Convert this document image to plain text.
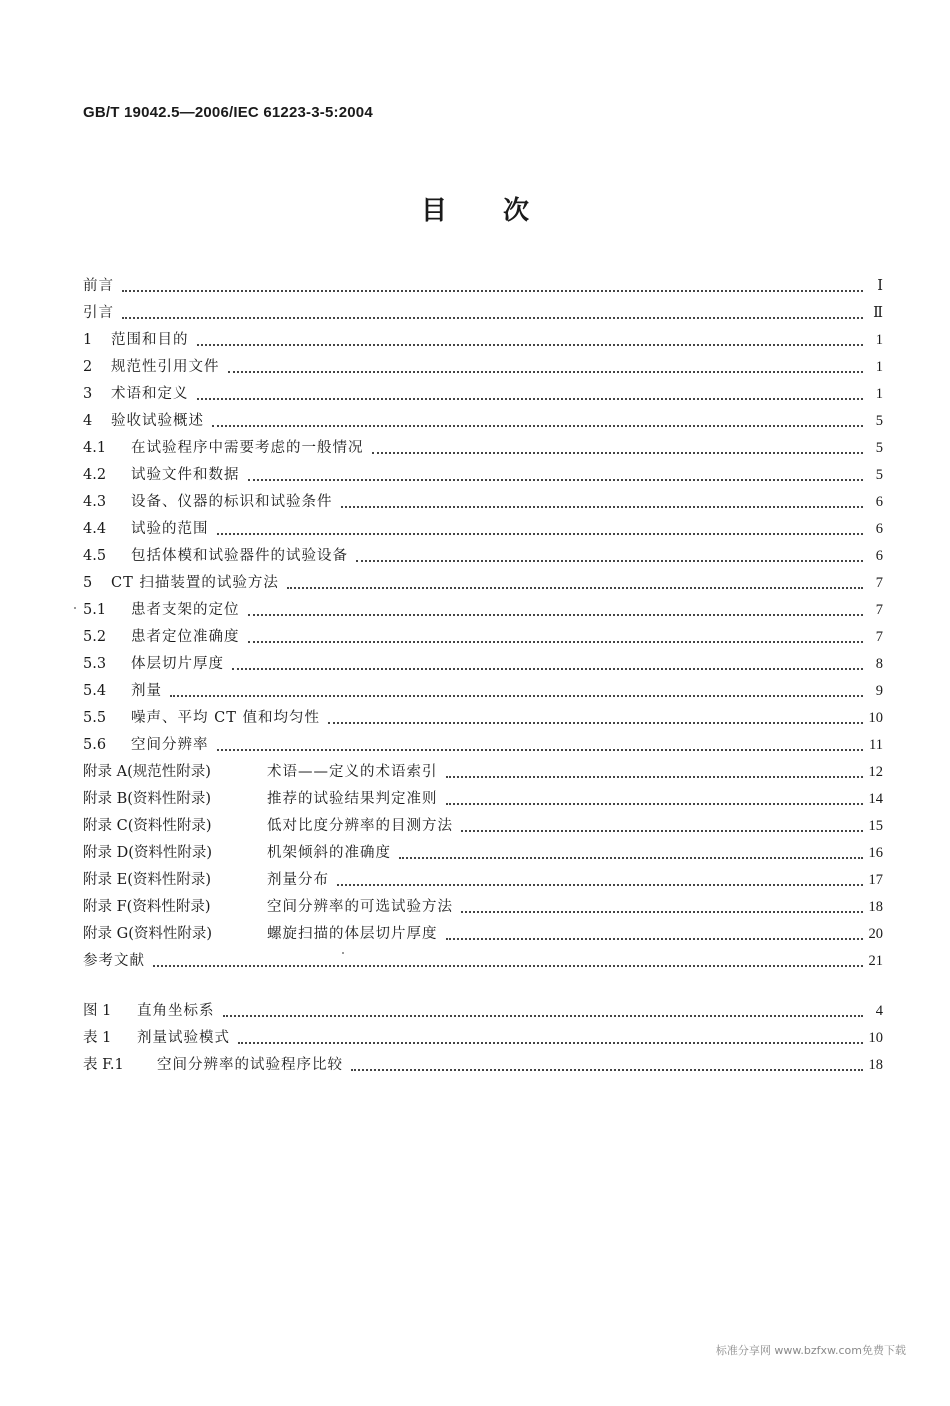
GB/T 19042.5—2006/IEC 61223-3-5:2004
目次
前言	Ⅰ
引言	Ⅱ
1	范围和目的	1
2	规范性引用文件	1
3	术语和定义	1
4	验收试验概述	5
4.1	在试验程序中需要考虑的一般情况	5
4.2	试验文件和数据	5
4.3	设备、仪器的标识和试验条件	6
4.4	试验的范围	6
4.5	包括体模和试验器件的试验设备	6
5	CT 扫描装置的试验方法	7
5.1	患者支架的定位	7
5.2	患者定位准确度	7
5.3	体层切片厚度	8
5.4	剂量	9
5.5	噪声、平均 CT 值和均匀性	10
5.6	空间分辨率	11
附录 A(规范性附录)	术语——定义的术语索引	12
附录 B(资料性附录)	推荐的试验结果判定准则	14
附录 C(资料性附录)	低对比度分辨率的目测方法	15
附录 D(资料性附录)	机架倾斜的准确度	16
附录 E(资料性附录)	剂量分布	17
附录 F(资料性附录)	空间分辨率的可选试验方法	18
附录 G(资料性附录)	螺旋扫描的体层切片厚度	20
参考文献	21
图 1	直角坐标系	4
表 1	剂量试验模式	10
表 F.1	空间分辨率的试验程序比较	18
标准分享网 www.bzfxw.com免费下载
